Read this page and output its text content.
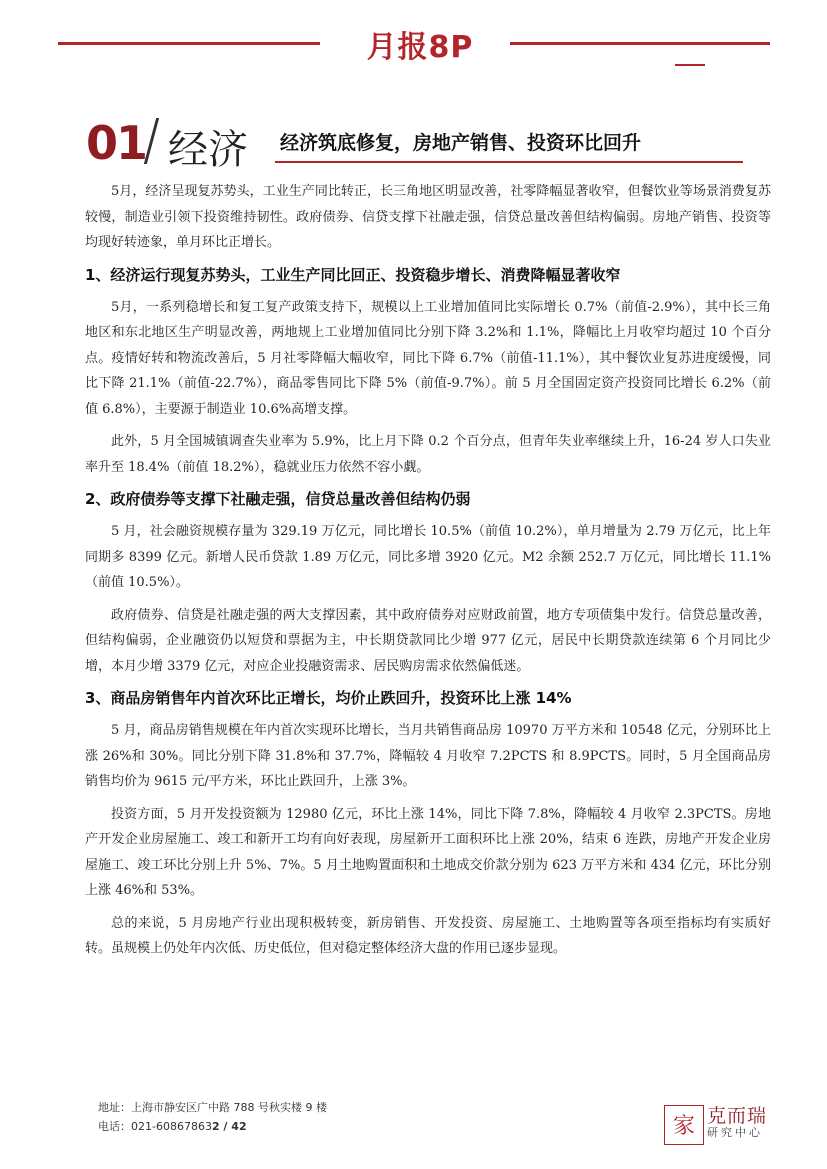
月报8P
01 经济 经济筑底修复，房地产销售、投资环比回升

5月，经济呈现复苏势头，工业生产同比转正，长三角地区明显改善，社零降幅显著收窄，但餐饮业等场景消费复苏较慢，制造业引领下投资维持韧性。政府债券、信贷支撑下社融走强，信贷总量改善但结构偏弱。房地产销售、投资等均现好转迹象，单月环比正增长。

1、经济运行现复苏势头，工业生产同比回正、投资稳步增长、消费降幅显著收窄

5月，一系列稳增长和复工复产政策支持下，规模以上工业增加值同比实际增长 0.7%（前值-2.9%），其中长三角地区和东北地区生产明显改善，两地规上工业增加值同比分别下降 3.2%和 1.1%，降幅比上月收窄均超过 10 个百分点。疫情好转和物流改善后，5 月社零降幅大幅收窄，同比下降 6.7%（前值-11.1%），其中餐饮业复苏进度缓慢，同比下降 21.1%（前值-22.7%），商品零售同比下降 5%（前值-9.7%）。前 5 月全国固定资产投资同比增长 6.2%（前值 6.8%），主要源于制造业 10.6%高增支撑。

此外，5 月全国城镇调查失业率为 5.9%，比上月下降 0.2 个百分点，但青年失业率继续上升，16-24 岁人口失业率升至 18.4%（前值 18.2%），稳就业压力依然不容小觑。

2、政府债券等支撑下社融走强，信贷总量改善但结构仍弱

5 月，社会融资规模存量为 329.19 万亿元，同比增长 10.5%（前值 10.2%），单月增量为 2.79 万亿元，比上年同期多 8399 亿元。新增人民币贷款 1.89 万亿元，同比多增 3920 亿元。M2 余额 252.7 万亿元，同比增长 11.1%（前值 10.5%）。

政府债券、信贷是社融走强的两大支撑因素，其中政府债券对应财政前置，地方专项债集中发行。信贷总量改善，但结构偏弱，企业融资仍以短贷和票据为主，中长期贷款同比少增 977 亿元，居民中长期贷款连续第 6 个月同比少增，本月少增 3379 亿元，对应企业投融资需求、居民购房需求依然偏低迷。

3、商品房销售年内首次环比正增长，均价止跌回升，投资环比上涨 14%

5 月，商品房销售规模在年内首次实现环比增长，当月共销售商品房 10970 万平方米和 10548 亿元，分别环比上涨 26%和 30%。同比分别下降 31.8%和 37.7%，降幅较 4 月收窄 7.2PCTS 和 8.9PCTS。同时，5 月全国商品房销售均价为 9615 元/平方米，环比止跌回升，上涨 3%。

投资方面，5 月开发投资额为 12980 亿元，环比上涨 14%，同比下降 7.8%，降幅较 4 月收窄 2.3PCTS。房地产开发企业房屋施工、竣工和新开工均有向好表现，房屋新开工面积环比上涨 20%，结束 6 连跌，房地产开发企业房屋施工、竣工环比分别上升 5%、7%。5 月土地购置面积和土地成交价款分别为 623 万平方米和 434 亿元，环比分别上涨 46%和 53%。

总的来说，5 月房地产行业出现积极转变，新房销售、开发投资、房屋施工、土地购置等各项至指标均有实质好转。虽规模上仍处年内次低、历史低位，但对稳定整体经济大盘的作用已逐步显现。

地址：上海市静安区广中路 788 号秋实楼 9 楼
电话：021-608678632 / 42	家 克而瑞
研究中心
